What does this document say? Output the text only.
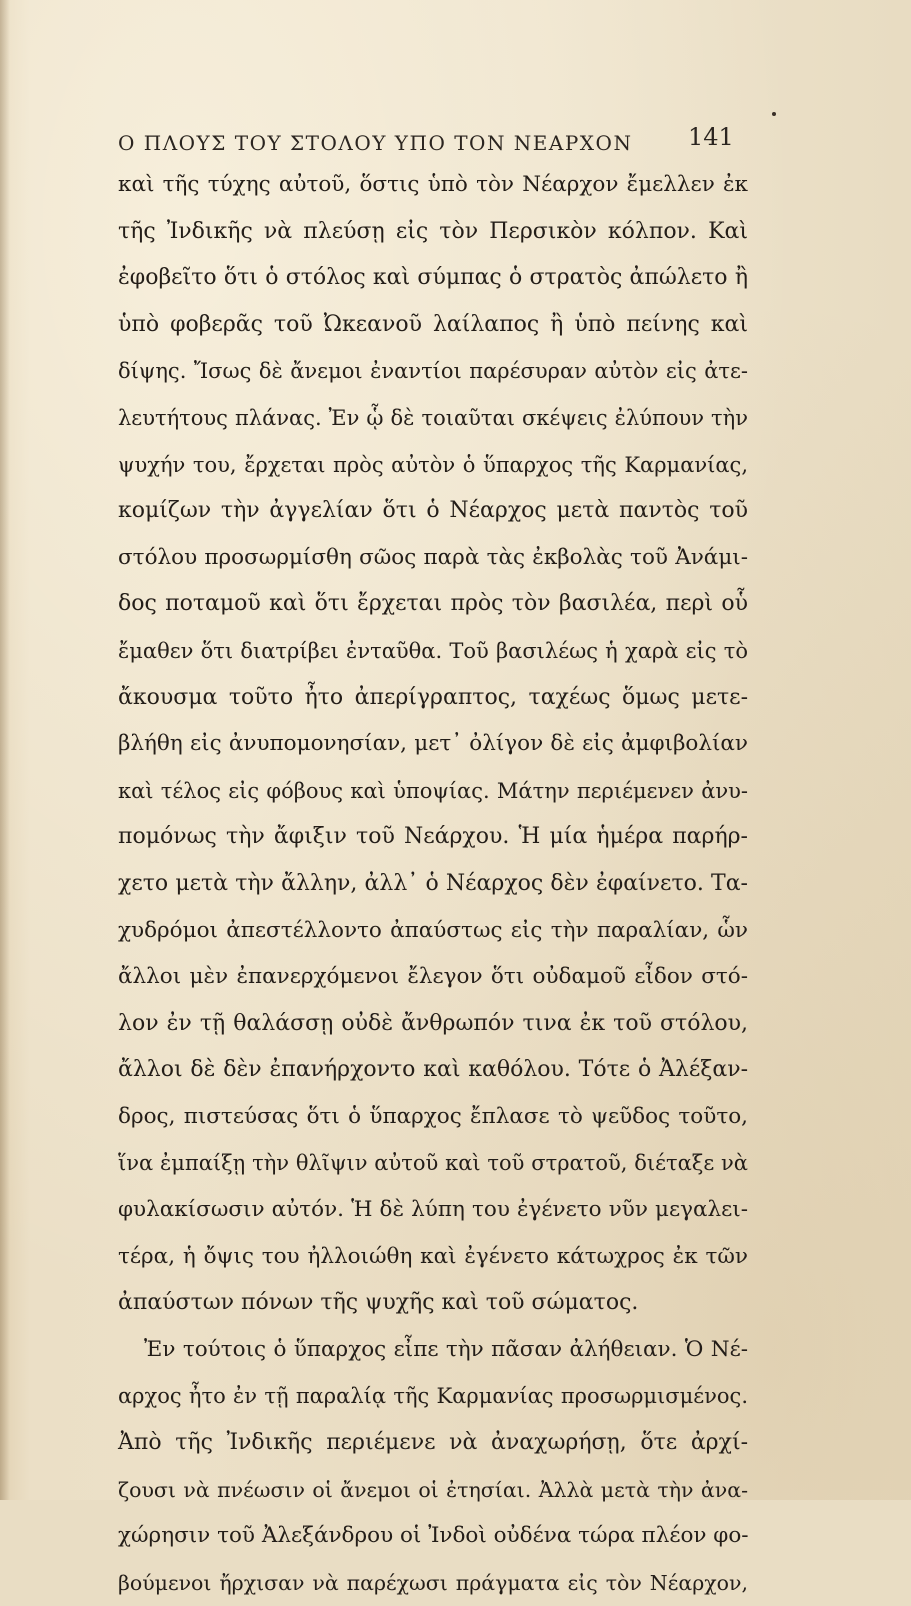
Ο ΠΛΟΥΣ ΤΟΥ ΣΤΟΛΟΥ ΥΠΟ ΤΟΝ ΝΕΑΡΧΟΝ	141
καὶ τῆς τύχης αὐτοῦ, ὅστις ὑπὸ τὸν Νέαρχον ἔμελλεν ἐκ
τῆς Ἰνδικῆς νὰ πλεύσῃ εἰς τὸν Περσικὸν κόλπον. Καὶ
ἐφοβεῖτο ὅτι ὁ στόλος καὶ σύμπας ὁ στρατὸς ἀπώλετο ἢ
ὑπὸ φοβερᾶς τοῦ Ὠκεανοῦ λαίλαπος ἢ ὑπὸ πείνης καὶ
δίψης. Ἴσως δὲ ἄνεμοι ἐναντίοι παρέσυραν αὐτὸν εἰς ἀτε-
λευτήτους πλάνας. Ἐν ᾧ δὲ τοιαῦται σκέψεις ἐλύπουν τὴν
ψυχήν του, ἔρχεται πρὸς αὐτὸν ὁ ὕπαρχος τῆς Καρμανίας,
κομίζων τὴν ἀγγελίαν ὅτι ὁ Νέαρχος μετὰ παντὸς τοῦ
στόλου προσωρμίσθη σῶος παρὰ τὰς ἐκβολὰς τοῦ Ἀνάμι-
δος ποταμοῦ καὶ ὅτι ἔρχεται πρὸς τὸν βασιλέα, περὶ οὗ
ἔμαθεν ὅτι διατρίβει ἐνταῦθα. Τοῦ βασιλέως ἡ χαρὰ εἰς τὸ
ἄκουσμα τοῦτο ἦτο ἀπερίγραπτος, ταχέως ὅμως μετε-
βλήθη εἰς ἀνυπομονησίαν, μετ᾽ ὀλίγον δὲ εἰς ἀμφιβολίαν
καὶ τέλος εἰς φόβους καὶ ὑποψίας. Μάτην περιέμενεν ἀνυ-
πομόνως τὴν ἄφιξιν τοῦ Νεάρχου. Ἡ μία ἡμέρα παρήρ-
χετο μετὰ τὴν ἄλλην, ἀλλ᾽ ὁ Νέαρχος δὲν ἐφαίνετο. Τα-
χυδρόμοι ἀπεστέλλοντο ἀπαύστως εἰς τὴν παραλίαν, ὧν
ἄλλοι μὲν ἐπανερχόμενοι ἔλεγον ὅτι οὐδαμοῦ εἶδον στό-
λον ἐν τῇ θαλάσσῃ οὐδὲ ἄνθρωπόν τινα ἐκ τοῦ στόλου,
ἄλλοι δὲ δὲν ἐπανήρχοντο καὶ καθόλου. Τότε ὁ Ἀλέξαν-
δρος, πιστεύσας ὅτι ὁ ὕπαρχος ἔπλασε τὸ ψεῦδος τοῦτο,
ἵνα ἐμπαίξῃ τὴν θλῖψιν αὐτοῦ καὶ τοῦ στρατοῦ, διέταξε νὰ
φυλακίσωσιν αὐτόν. Ἡ δὲ λύπη του ἐγένετο νῦν μεγαλει-
τέρα, ἡ ὄψις του ἠλλοιώθη καὶ ἐγένετο κάτωχρος ἐκ τῶν
ἀπαύστων πόνων τῆς ψυχῆς καὶ τοῦ σώματος.
Ἐν τούτοις ὁ ὕπαρχος εἶπε τὴν πᾶσαν ἀλήθειαν. Ὁ Νέ-
αρχος ἦτο ἐν τῇ παραλίᾳ τῆς Καρμανίας προσωρμισμένος.
Ἀπὸ τῆς Ἰνδικῆς περιέμενε νὰ ἀναχωρήσῃ, ὅτε ἀρχί-
ζουσι νὰ πνέωσιν οἱ ἄνεμοι οἱ ἐτησίαι. Ἀλλὰ μετὰ τὴν ἀνα-
χώρησιν τοῦ Ἀλεξάνδρου οἱ Ἰνδοὶ οὐδένα τώρα πλέον φο-
βούμενοι ἤρχισαν νὰ παρέχωσι πράγματα εἰς τὸν Νέαρχον,
